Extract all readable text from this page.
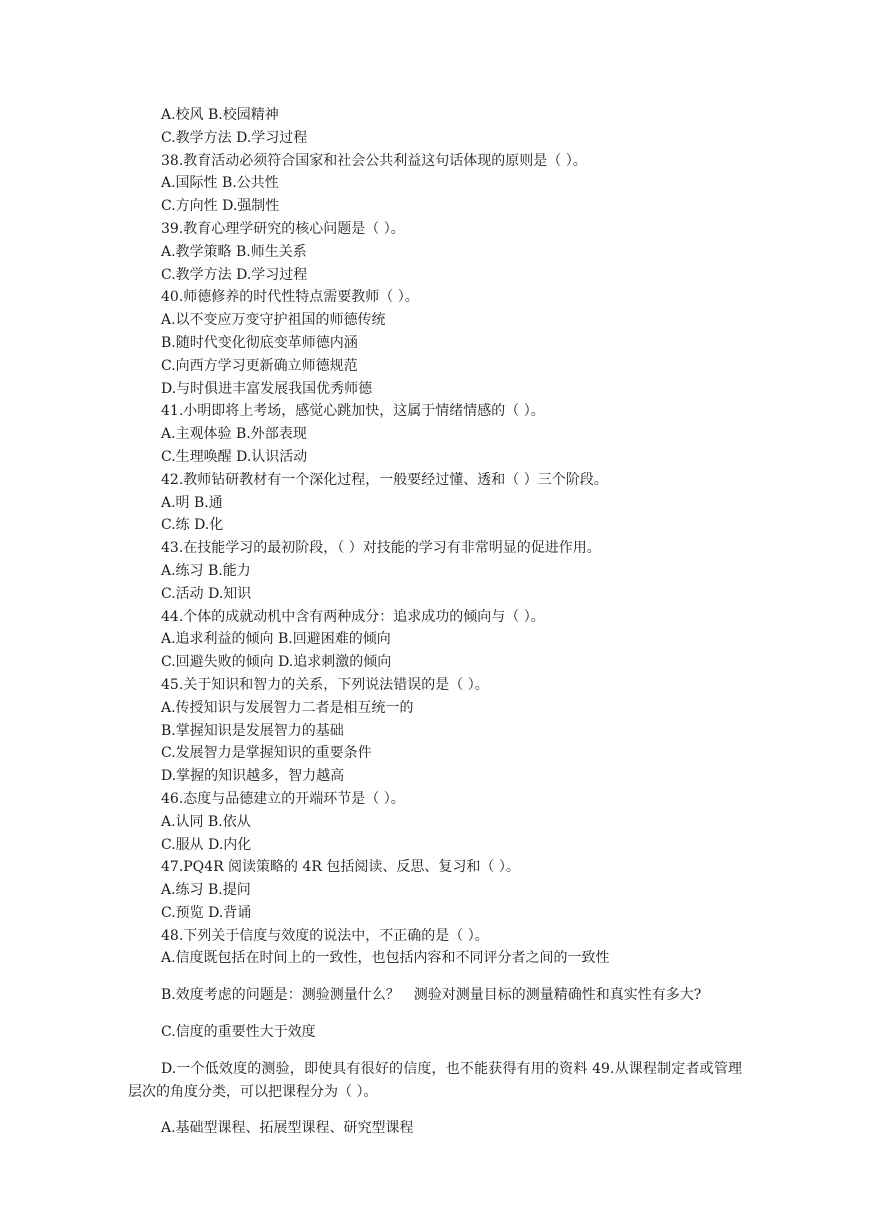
A.校风 B.校园精神

C.教学方法 D.学习过程

38.教育活动必须符合国家和社会公共利益这句话体现的原则是（ ）。

A.国际性 B.公共性

C.方向性 D.强制性

39.教育心理学研究的核心问题是（ ）。

A.教学策略 B.师生关系

C.教学方法 D.学习过程

40.师德修养的时代性特点需要教师（ ）。

A.以不变应万变守护祖国的师德传统

B.随时代变化彻底变革师德内涵

C.向西方学习更新确立师德规范

D.与时俱进丰富发展我国优秀师德

41.小明即将上考场，感觉心跳加快，这属于情绪情感的（ ）。

A.主观体验 B.外部表现

C.生理唤醒 D.认识活动

42.教师钻研教材有一个深化过程，一般要经过懂、透和（ ）三个阶段。

A.明 B.通

C.练 D.化

43.在技能学习的最初阶段，（ ）对技能的学习有非常明显的促进作用。

A.练习 B.能力

C.活动 D.知识

44.个体的成就动机中含有两种成分：追求成功的倾向与（ ）。

A.追求利益的倾向 B.回避困难的倾向

C.回避失败的倾向 D.追求刺激的倾向

45.关于知识和智力的关系，下列说法错误的是（ ）。

A.传授知识与发展智力二者是相互统一的

B.掌握知识是发展智力的基础

C.发展智力是掌握知识的重要条件

D.掌握的知识越多，智力越高

46.态度与品德建立的开端环节是（ ）。

A.认同 B.依从

C.服从 D.内化

47.PQ4R 阅读策略的 4R 包括阅读、反思、复习和（ ）。

A.练习 B.提问

C.预览 D.背诵

48.下列关于信度与效度的说法中，不正确的是（ ）。

A.信度既包括在时间上的一致性，也包括内容和不同评分者之间的一致性

B.效度考虑的问题是：测验测量什么？　测验对测量目标的测量精确性和真实性有多大?

C.信度的重要性大于效度

D.一个低效度的测验，即使具有很好的信度，也不能获得有用的资料 49.从课程制定者或管理层次的角度分类，可以把课程分为（ ）。

A.基础型课程、拓展型课程、研究型课程
